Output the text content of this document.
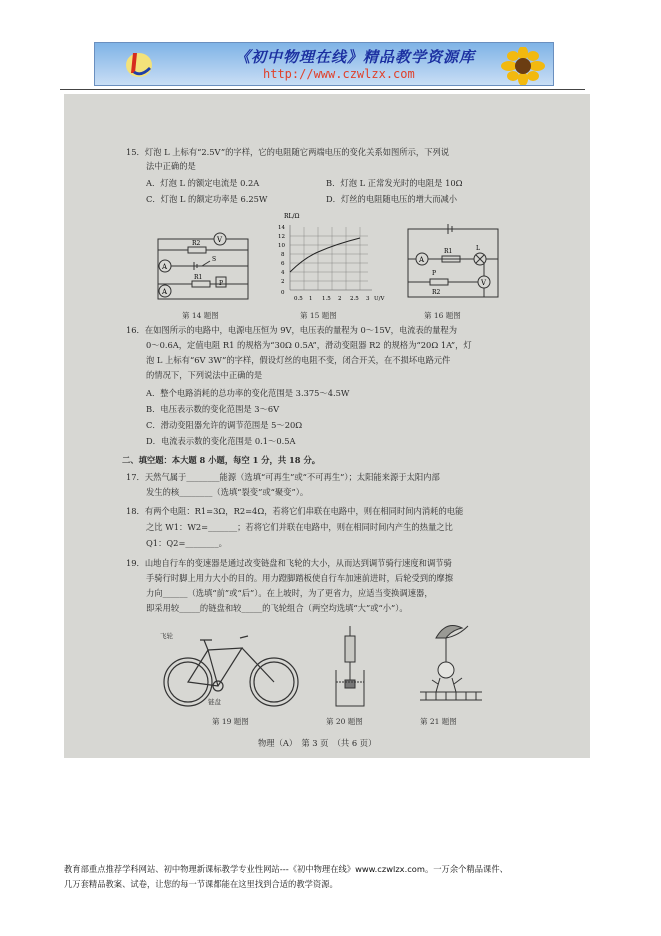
《初中物理在线》精品教学资源库
http://www.czwlzx.com
15．灯泡 L 上标有“2.5V”的字样，它的电阻随它两端电压的变化关系如图所示，下列说
法中正确的是
A．灯泡 L 的额定电流是 0.2A	B．灯泡 L 正常发光时的电阻是 10Ω
C．灯泡 L 的额定功率是 6.25W	D．灯丝的电阻随电压的增大而减小
V
R2
A
S
A
R1
P
第 14 题图
RL/Ω
14
12
10
8
6
4
2
0
0.5 1 1.5 2 2.5 3 U/V
第 15 题图
A
R1	L
P
R2
V
第 16 题图
16．在如图所示的电路中，电源电压恒为 9V，电压表的量程为 0～15V，电流表的量程为
0～0.6A，定值电阻 R1 的规格为“30Ω 0.5A”，滑动变阻器 R2 的规格为“20Ω 1A”，灯
泡 L 上标有“6V 3W”的字样，假设灯丝的电阻不变，闭合开关，在不损坏电路元件
的情况下，下列说法中正确的是
A．整个电路消耗的总功率的变化范围是 3.375～4.5W
B．电压表示数的变化范围是 3～6V
C．滑动变阻器允许的调节范围是 5～20Ω
D．电流表示数的变化范围是 0.1～0.5A
二、填空题：本大题 8 小题，每空 1 分，共 18 分。
17．天然气属于________能源（选填“可再生”或“不可再生”）；太阳能来源于太阳内部
发生的核________（选填“裂变”或“聚变”）。
18．有两个电阻：R1=3Ω，R2=4Ω，若将它们串联在电路中，则在相同时间内消耗的电能
之比 W1：W2=_______；若将它们并联在电路中，则在相同时间内产生的热量之比
Q1：Q2=________。
19．山地自行车的变速器是通过改变链盘和飞轮的大小，从而达到调节骑行速度和调节骑
手骑行时脚上用力大小的目的。用力蹬脚踏板使自行车加速前进时，后轮受到的摩擦
力向______（选填“前”或“后”）。在上坡时，为了更省力，应适当变换调速器，
即采用较_____的链盘和较_____的飞轮组合（两空均选填“大”或“小”）。
飞轮
链盘
第 19 题图	第 20 题图	第 21 题图
物理（A）　第 3 页　（共 6 页）
教育部重点推荐学科网站、初中物理新课标教学专业性网站---《初中物理在线》www.czwlzx.com。一万余个精品课件、
几万套精品教案、试卷，让您的每一节课都能在这里找到合适的教学资源。
